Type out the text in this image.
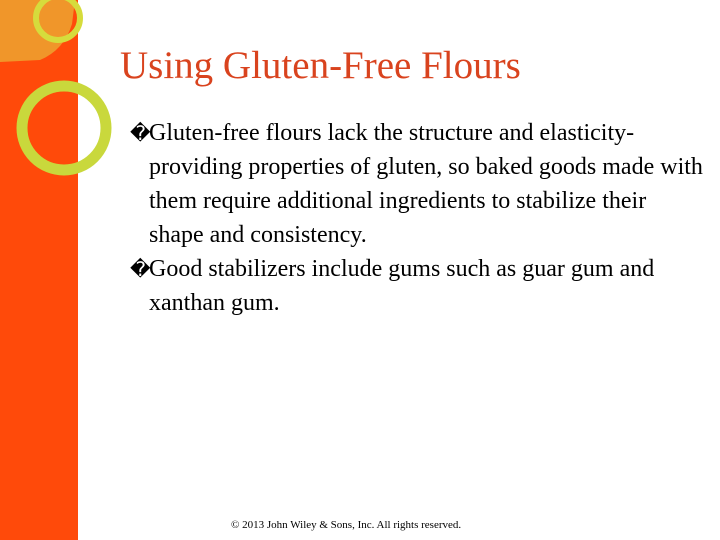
Using Gluten-Free Flours
�
Gluten-free flours lack the structure and elasticity-providing properties of gluten, so baked goods made with them require additional ingredients to stabilize their shape and consistency.
�
Good stabilizers include gums such as guar gum and xanthan gum.
© 2013 John Wiley & Sons, Inc. All rights reserved.
